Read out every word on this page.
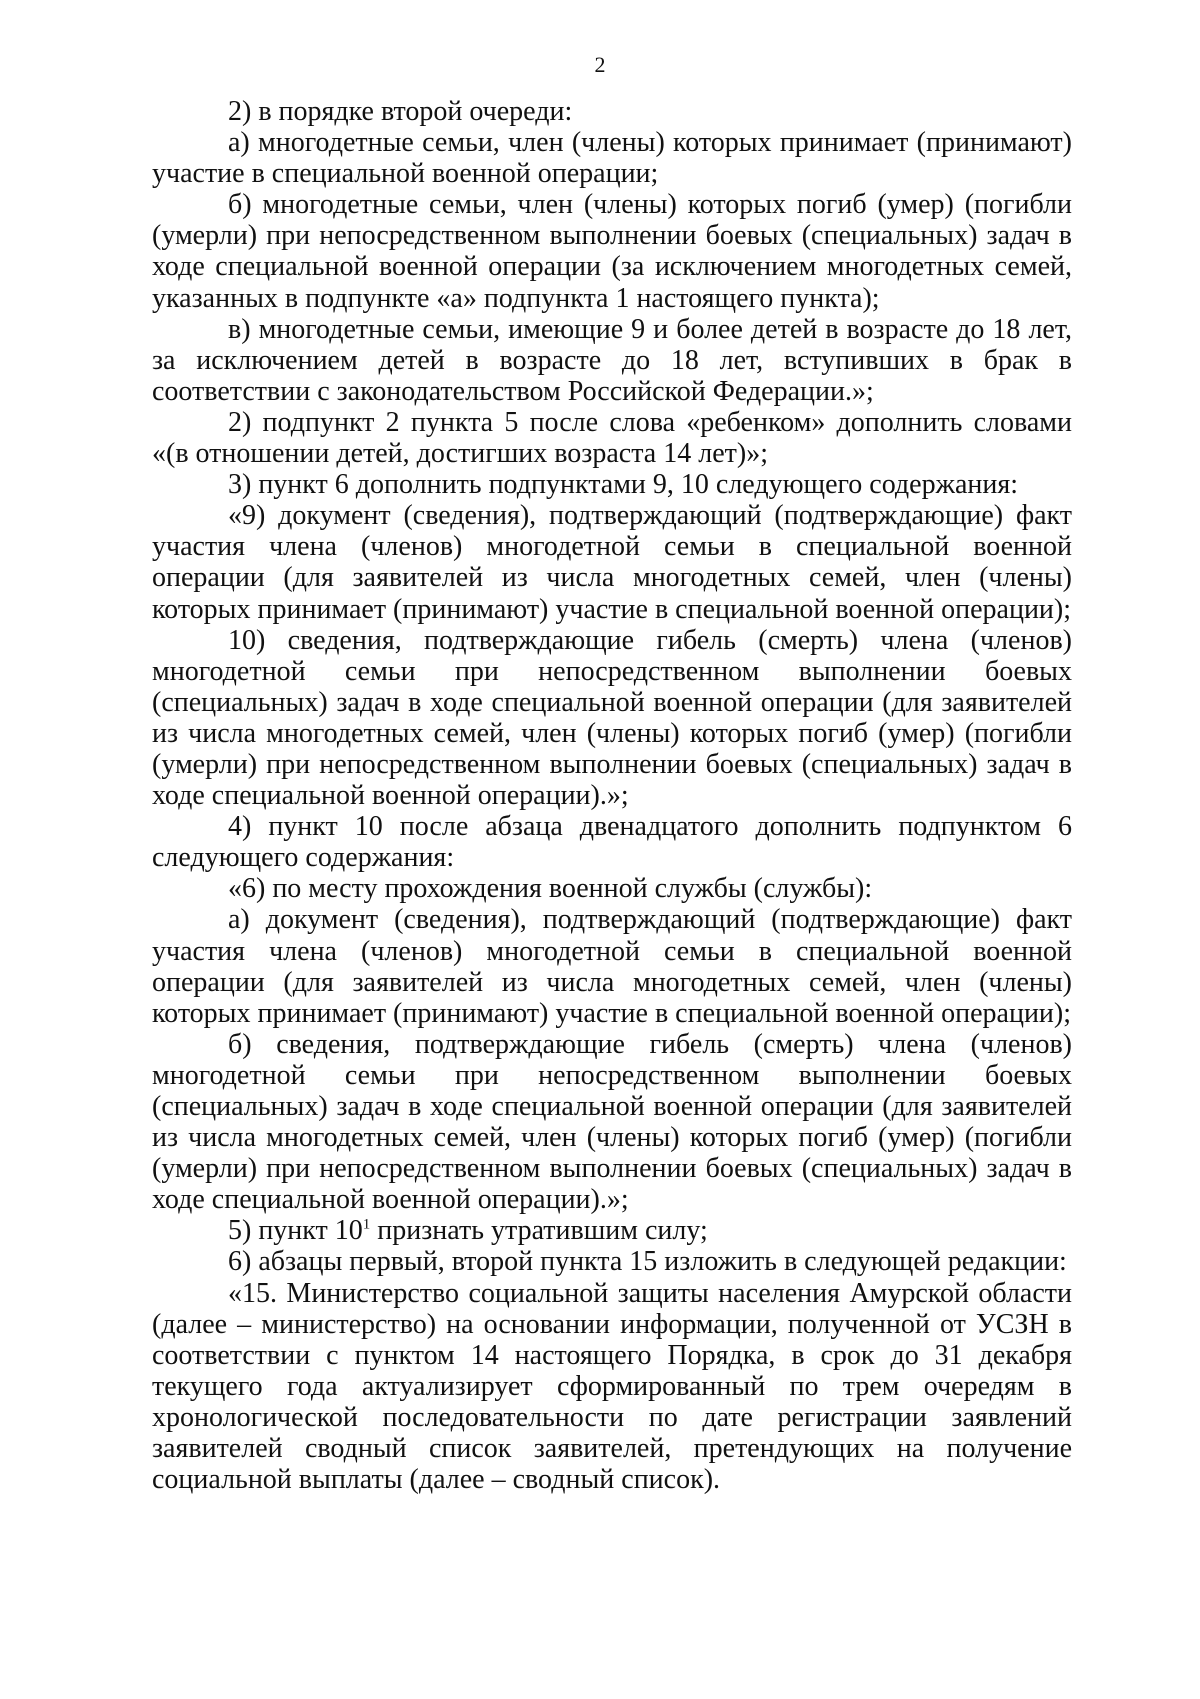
2

2) в порядке второй очереди:

а) многодетные семьи, член (члены) которых принимает (принимают) участие в специальной военной операции;

б) многодетные семьи, член (члены) которых погиб (умер) (погибли (умерли) при непосредственном выполнении боевых (специальных) задач в ходе специальной военной операции (за исключением многодетных семей, указанных в подпункте «а» подпункта 1 настоящего пункта);

в) многодетные семьи, имеющие 9 и более детей в возрасте до 18 лет, за исключением детей в возрасте до 18 лет, вступивших в брак в соответствии с законодательством Российской Федерации.»;

2) подпункт 2 пункта 5 после слова «ребенком» дополнить словами «(в отношении детей, достигших возраста 14 лет)»;

3) пункт 6 дополнить подпунктами 9, 10 следующего содержания:

«9) документ (сведения), подтверждающий (подтверждающие) факт участия члена (членов) многодетной семьи в специальной военной операции (для заявителей из числа многодетных семей, член (члены) которых принимает (принимают) участие в специальной военной операции);

10) сведения, подтверждающие гибель (смерть) члена (членов) многодетной семьи при непосредственном выполнении боевых (специальных) задач в ходе специальной военной операции (для заявителей из числа многодетных семей, член (члены) которых погиб (умер) (погибли (умерли) при непосредственном выполнении боевых (специальных) задач в ходе специальной военной операции).»;

4) пункт 10 после абзаца двенадцатого дополнить подпунктом 6 следующего содержания:

«6) по месту прохождения военной службы (службы):

а) документ (сведения), подтверждающий (подтверждающие) факт участия члена (членов) многодетной семьи в специальной военной операции (для заявителей из числа многодетных семей, член (члены) которых принимает (принимают) участие в специальной военной операции);

б) сведения, подтверждающие гибель (смерть) члена (членов) многодетной семьи при непосредственном выполнении боевых (специальных) задач в ходе специальной военной операции (для заявителей из числа многодетных семей, член (члены) которых погиб (умер) (погибли (умерли) при непосредственном выполнении боевых (специальных) задач в ходе специальной военной операции).»;

5) пункт $10^1$ признать утратившим силу;

6) абзацы первый, второй пункта 15 изложить в следующей редакции:

«15. Министерство социальной защиты населения Амурской области (далее – министерство) на основании информации, полученной от УСЗН в соответствии с пунктом 14 настоящего Порядка, в срок до 31 декабря текущего года актуализирует сформированный по трем очередям в хронологической последовательности по дате регистрации заявлений заявителей сводный список заявителей, претендующих на получение социальной выплаты (далее – сводный список).
